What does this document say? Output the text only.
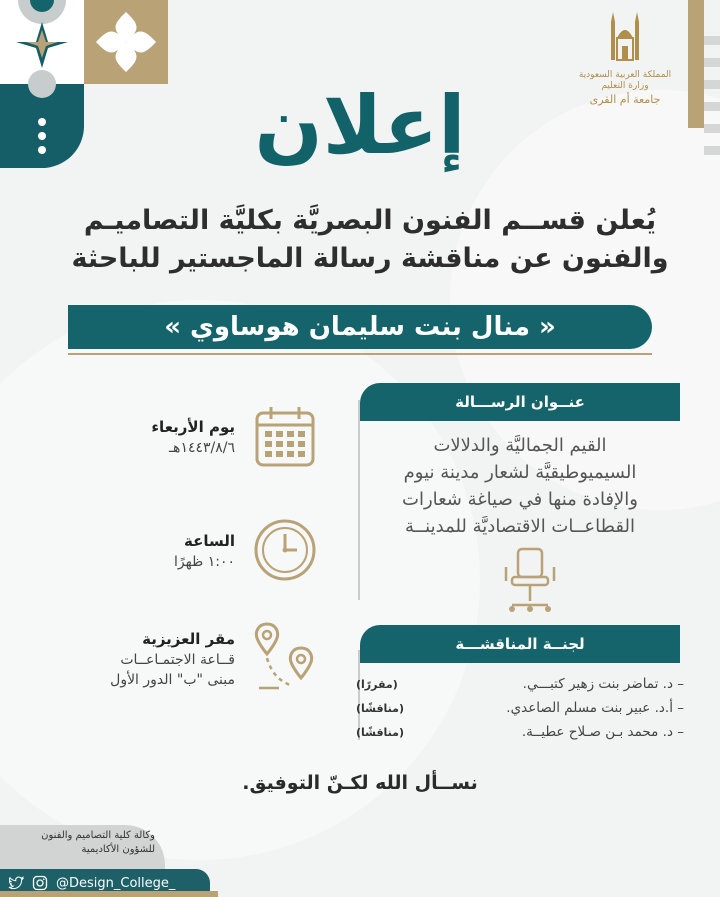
المملكة العربية السعودية
وزارة التعليم
جامعة أم القرى
إعلان
يُعلن قســم الفنون البصريَّة بكليَّة التصاميـم
والفنون عن مناقشة رسالة الماجستير للباحثة
« منال بنت سليمان هوساوي »
عنــوان الرســـالة
القيم الجماليَّة والدلالات
السيميوطيقيَّة لشعار مدينة نيوم
والإفادة منها في صياغة شعارات
القطاعــات الاقتصاديَّة للمدينــة
لجنــة المناقشـــة
– د. تماضر بنت زهير كتبـــي.
(مقررًا)
– أ.د. عبير بنت مسلم الصاعدي.
(مناقشًا)
– د. محمد بـن صـلاح عطيــة.
(مناقشًا)
يوم الأربعاء
١٤٤٣/٨/٦هـ
الساعة
١:٠٠ ظهرًا
مقر العزيزية
قــاعة الاجتمـاعــات
مبنى "ب" الدور الأول
نســأل الله لكـنّ التوفيق.
وكالة كلية التصاميم والفنون
للشؤون الأكاديمية
@Design_College_
